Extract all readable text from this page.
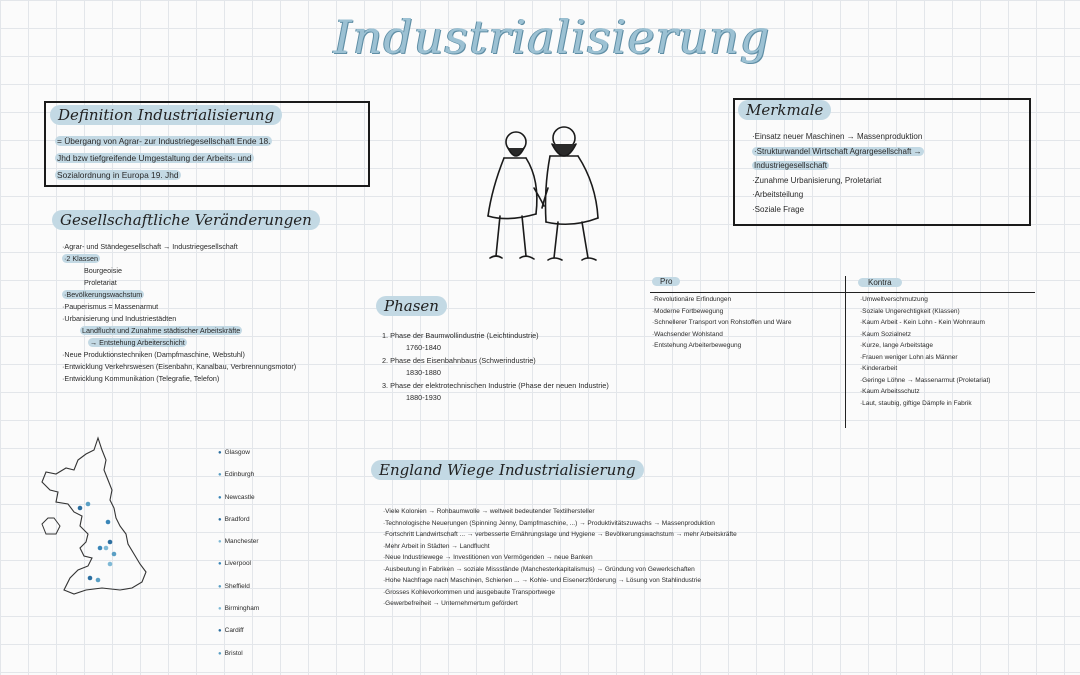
Industrialisierung
Definition Industrialisierung
= Übergang von Agrar- zur Industriegesellschaft Ende 18.
Jhd bzw tiefgreifende Umgestaltung der Arbeits- und
Sozialordnung in Europa 19. Jhd
Merkmale
·Einsatz neuer Maschinen → Massenproduktion
·Strukturwandel Wirtschaft Agrargesellschaft →
Industriegesellschaft
·Zunahme Urbanisierung, Proletariat
·Arbeitsteilung
·Soziale Frage
Gesellschaftliche Veränderungen
·Agrar- und Ständegesellschaft → Industriegesellschaft
·2 Klassen
Bourgeoisie
Proletariat
·Bevölkerungswachstum
·Pauperismus = Massenarmut
·Urbanisierung und Industriestädten
Landflucht und Zunahme städtischer Arbeitskräfte
→ Entstehung Arbeiterschicht
·Neue Produktionstechniken (Dampfmaschine, Webstuhl)
·Entwicklung Verkehrswesen (Eisenbahn, Kanalbau, Verbrennungsmotor)
·Entwicklung Kommunikation (Telegrafie, Telefon)
Phasen
1. Phase der Baumwollindustrie (Leichtindustrie)
1760-1840
2. Phase des Eisenbahnbaus (Schwerindustrie)
1830-1880
3. Phase der elektrotechnischen Industrie (Phase der neuen Industrie)
1880-1930
Pro	Kontra
·Revolutionäre Erfindungen
·Moderne Fortbewegung
·Schnellerer Transport von Rohstoffen und Ware
·Wachsender Wohlstand
·Entstehung Arbeiterbewegung
·Umweltverschmutzung
·Soziale Ungerechtigkeit (Klassen)
·Kaum Arbeit - Kein Lohn - Kein Wohnraum
·Kaum Sozialnetz
·Kurze, lange Arbeitstage
·Frauen weniger Lohn als Männer
·Kinderarbeit
·Geringe Löhne → Massenarmut (Proletariat)
·Kaum Arbeitsschutz
·Laut, staubig, giftige Dämpfe in Fabrik
● Glasgow
● Edinburgh
● Newcastle
● Bradford
● Manchester
● Liverpool
● Sheffield
● Birmingham
● Cardiff
● Bristol
England Wiege Industrialisierung
·Viele Kolonien → Rohbaumwolle → weltweit bedeutender Textilhersteller
·Technologische Neuerungen (Spinning Jenny, Dampfmaschine, ...) → Produktivitätszuwachs → Massenproduktion
·Fortschritt Landwirtschaft ... → verbesserte Ernährungslage und Hygiene → Bevölkerungswachstum → mehr Arbeitskräfte
·Mehr Arbeit in Städten → Landflucht
·Neue Industriewege → Investitionen von Vermögenden → neue Banken
·Ausbeutung in Fabriken → soziale Missstände (Manchesterkapitalismus) → Gründung von Gewerkschaften
·Hohe Nachfrage nach Maschinen, Schienen ... → Kohle- und Eisenerzförderung → Lösung von Stahlindustrie
·Grosses Kohlevorkommen und ausgebaute Transportwege
·Gewerbefreiheit → Unternehmertum gefördert
